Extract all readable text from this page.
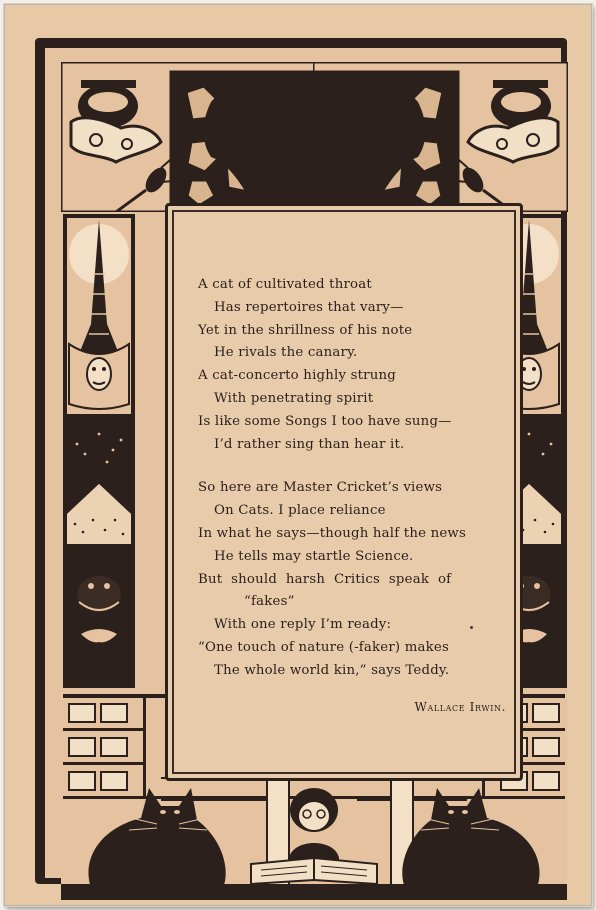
A cat of cultivated throat
Has repertoires that vary—
Yet in the shrillness of his note
He rivals the canary.
A cat-concerto highly strung
With penetrating spirit
Is like some Songs I too have sung—
I’d rather sing than hear it.
So here are Master Cricket’s views
On Cats. I place reliance
In what he says—though half the news
He tells may startle Science.
But  should  harsh  Critics  speak  of
“fakes”
With one reply I’m ready:
“One touch of nature (-faker) makes
The whole world kin,” says Teddy.
Wallace Irwin.
